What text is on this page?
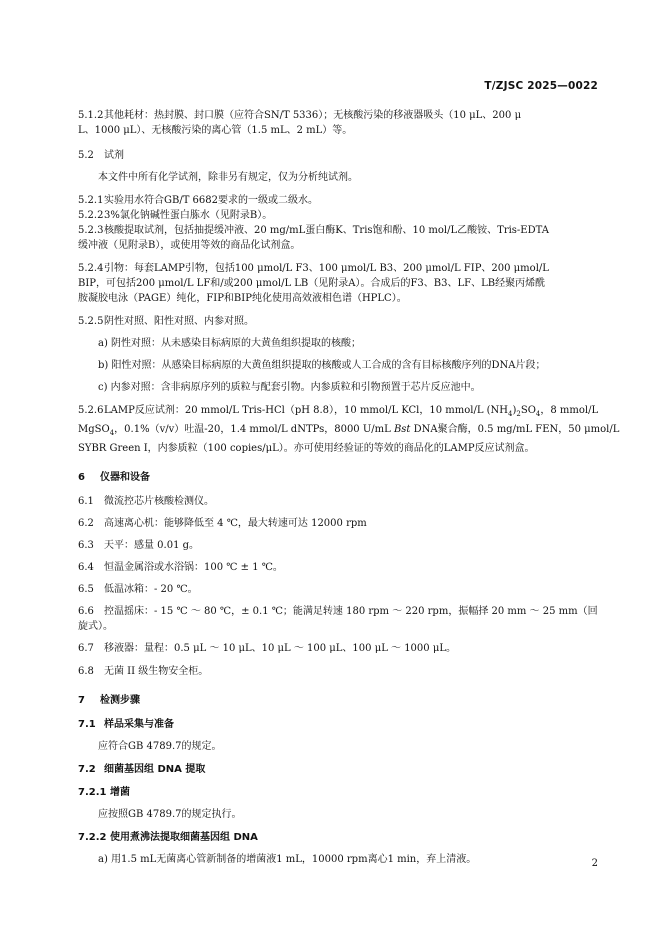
T/ZJSC 2025—0022
5.1.2其他耗材：热封膜、封口膜（应符合SN/T 5336）；无核酸污染的移液器吸头（10 μL、200 μ
L、1000 μL）、无核酸污染的离心管（1.5 mL、2 mL）等。
5.2 试剂
本文件中所有化学试剂，除非另有规定，仅为分析纯试剂。
5.2.1实验用水符合GB/T 6682要求的一级或二级水。
5.2.23%氯化钠碱性蛋白胨水（见附录B）。
5.2.3核酸提取试剂，包括抽提缓冲液、20 mg/mL蛋白酶K、Tris饱和酚、10 mol/L乙酸铵、Tris-EDTA
缓冲液（见附录B），或使用等效的商品化试剂盒。
5.2.4引物：每套LAMP引物，包括100 μmol/L F3、100 μmol/L B3、200 μmol/L FIP、200 μmol/L
BIP，可包括200 μmol/L LF和/或200 μmol/L LB（见附录A）。合成后的F3、B3、LF、LB经聚丙烯酰
胺凝胶电泳（PAGE）纯化，FIP和BIP纯化使用高效液相色谱（HPLC）。
5.2.5阴性对照、阳性对照、内参对照。
a) 阴性对照：从未感染目标病原的大黄鱼组织提取的核酸；
b) 阳性对照：从感染目标病原的大黄鱼组织提取的核酸或人工合成的含有目标核酸序列的DNA片段；
c) 内参对照：含非病原序列的质粒与配套引物。内参质粒和引物预置于芯片反应池中。
5.2.6LAMP反应试剂：20 mmol/L Tris-HCl（pH 8.8），10 mmol/L KCl，10 mmol/L $(NH_4)_2SO_4$，8 mmol/L
MgSO$_4$，0.1%（v/v）吐温-20，1.4 mmol/L dNTPs，8000 U/mL Bst DNA聚合酶，0.5 mg/mL FEN，50 μmol/L
SYBR Green I，内参质粒（100 copies/μL）。亦可使用经验证的等效的商品化的LAMP反应试剂盒。
6 仪器和设备
6.1 微流控芯片核酸检测仪。
6.2 高速离心机：能够降低至 4 ℃，最大转速可达 12000 rpm
6.3 天平：感量 0.01 g。
6.4 恒温金属浴或水浴锅：100 ℃ ± 1 ℃。
6.5 低温冰箱：- 20 ℃。
6.6 控温摇床：- 15 ℃ ～ 80 ℃，± 0.1 ℃；能满足转速 180 rpm ～ 220 rpm，振幅择 20 mm ～ 25 mm（回
旋式）。
6.7 移液器：量程：0.5 μL ～ 10 μL、10 μL ～ 100 μL、100 μL ～ 1000 μL。
6.8 无菌 II 级生物安全柜。
7 检测步骤
7.1 样品采集与准备
应符合GB 4789.7的规定。
7.2 细菌基因组 DNA 提取
7.2.1 增菌
应按照GB 4789.7的规定执行。
7.2.2 使用煮沸法提取细菌基因组 DNA
a) 用1.5 mL无菌离心管新制备的增菌液1 mL，10000 rpm离心1 min，弃上清液。	2
